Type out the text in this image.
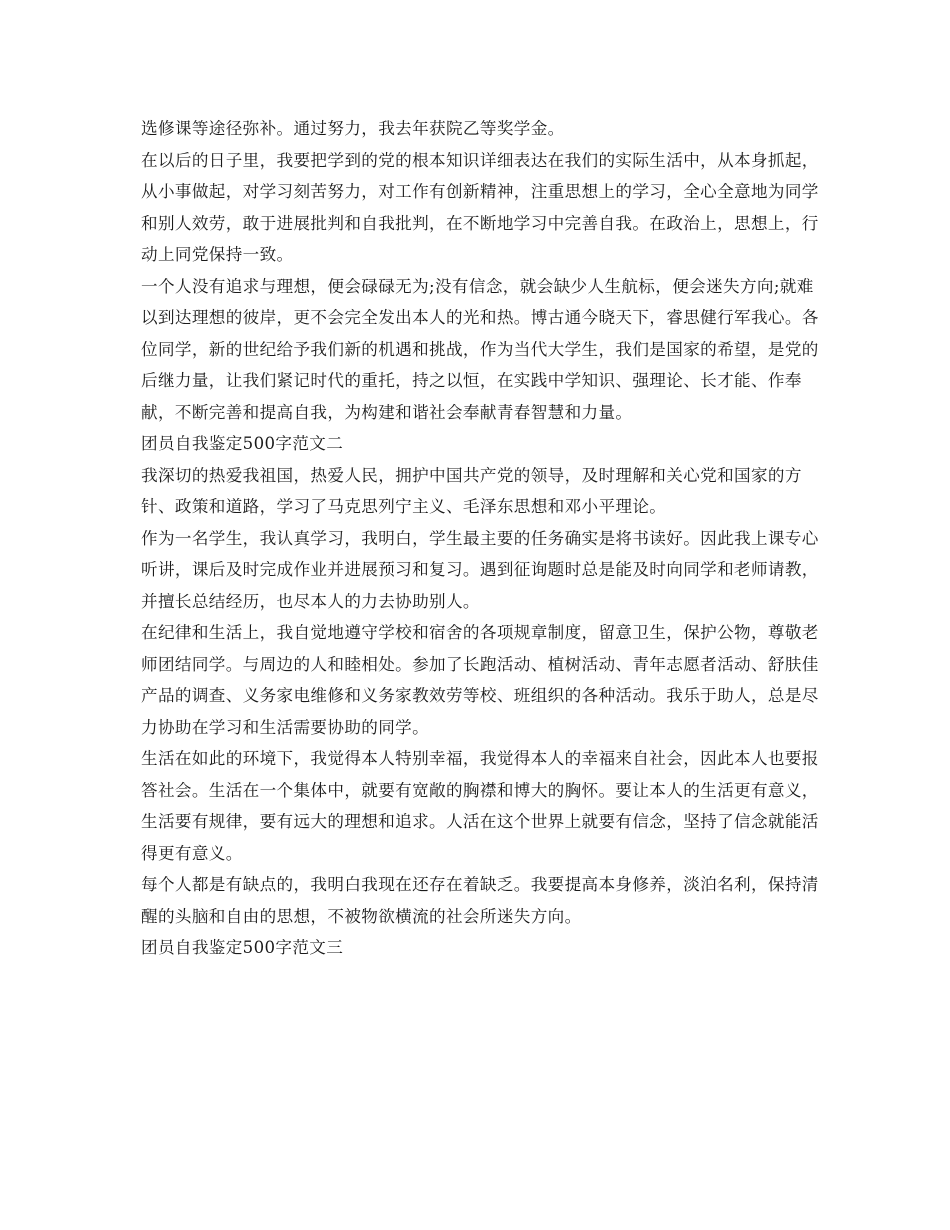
选修课等途径弥补。通过努力，我去年获院乙等奖学金。

在以后的日子里，我要把学到的党的根本知识详细表达在我们的实际生活中，从本身抓起，从小事做起，对学习刻苦努力，对工作有创新精神，注重思想上的学习，全心全意地为同学和别人效劳，敢于进展批判和自我批判，在不断地学习中完善自我。在政治上，思想上，行动上同党保持一致。

一个人没有追求与理想，便会碌碌无为;没有信念，就会缺少人生航标，便会迷失方向;就难以到达理想的彼岸，更不会完全发出本人的光和热。博古通今晓天下，睿思健行军我心。各位同学，新的世纪给予我们新的机遇和挑战，作为当代大学生，我们是国家的希望，是党的后继力量，让我们紧记时代的重托，持之以恒，在实践中学知识、强理论、长才能、作奉献，不断完善和提高自我，为构建和谐社会奉献青春智慧和力量。

团员自我鉴定500字范文二

我深切的热爱我祖国，热爱人民，拥护中国共产党的领导，及时理解和关心党和国家的方针、政策和道路，学习了马克思列宁主义、毛泽东思想和邓小平理论。

作为一名学生，我认真学习，我明白，学生最主要的任务确实是将书读好。因此我上课专心听讲，课后及时完成作业并进展预习和复习。遇到征询题时总是能及时向同学和老师请教，并擅长总结经历，也尽本人的力去协助别人。

在纪律和生活上，我自觉地遵守学校和宿舍的各项规章制度，留意卫生，保护公物，尊敬老师团结同学。与周边的人和睦相处。参加了长跑活动、植树活动、青年志愿者活动、舒肤佳产品的调查、义务家电维修和义务家教效劳等校、班组织的各种活动。我乐于助人，总是尽力协助在学习和生活需要协助的同学。

生活在如此的环境下，我觉得本人特别幸福，我觉得本人的幸福来自社会，因此本人也要报答社会。生活在一个集体中，就要有宽敞的胸襟和博大的胸怀。要让本人的生活更有意义，生活要有规律，要有远大的理想和追求。人活在这个世界上就要有信念，坚持了信念就能活得更有意义。

每个人都是有缺点的，我明白我现在还存在着缺乏。我要提高本身修养，淡泊名利，保持清醒的头脑和自由的思想，不被物欲横流的社会所迷失方向。

团员自我鉴定500字范文三
